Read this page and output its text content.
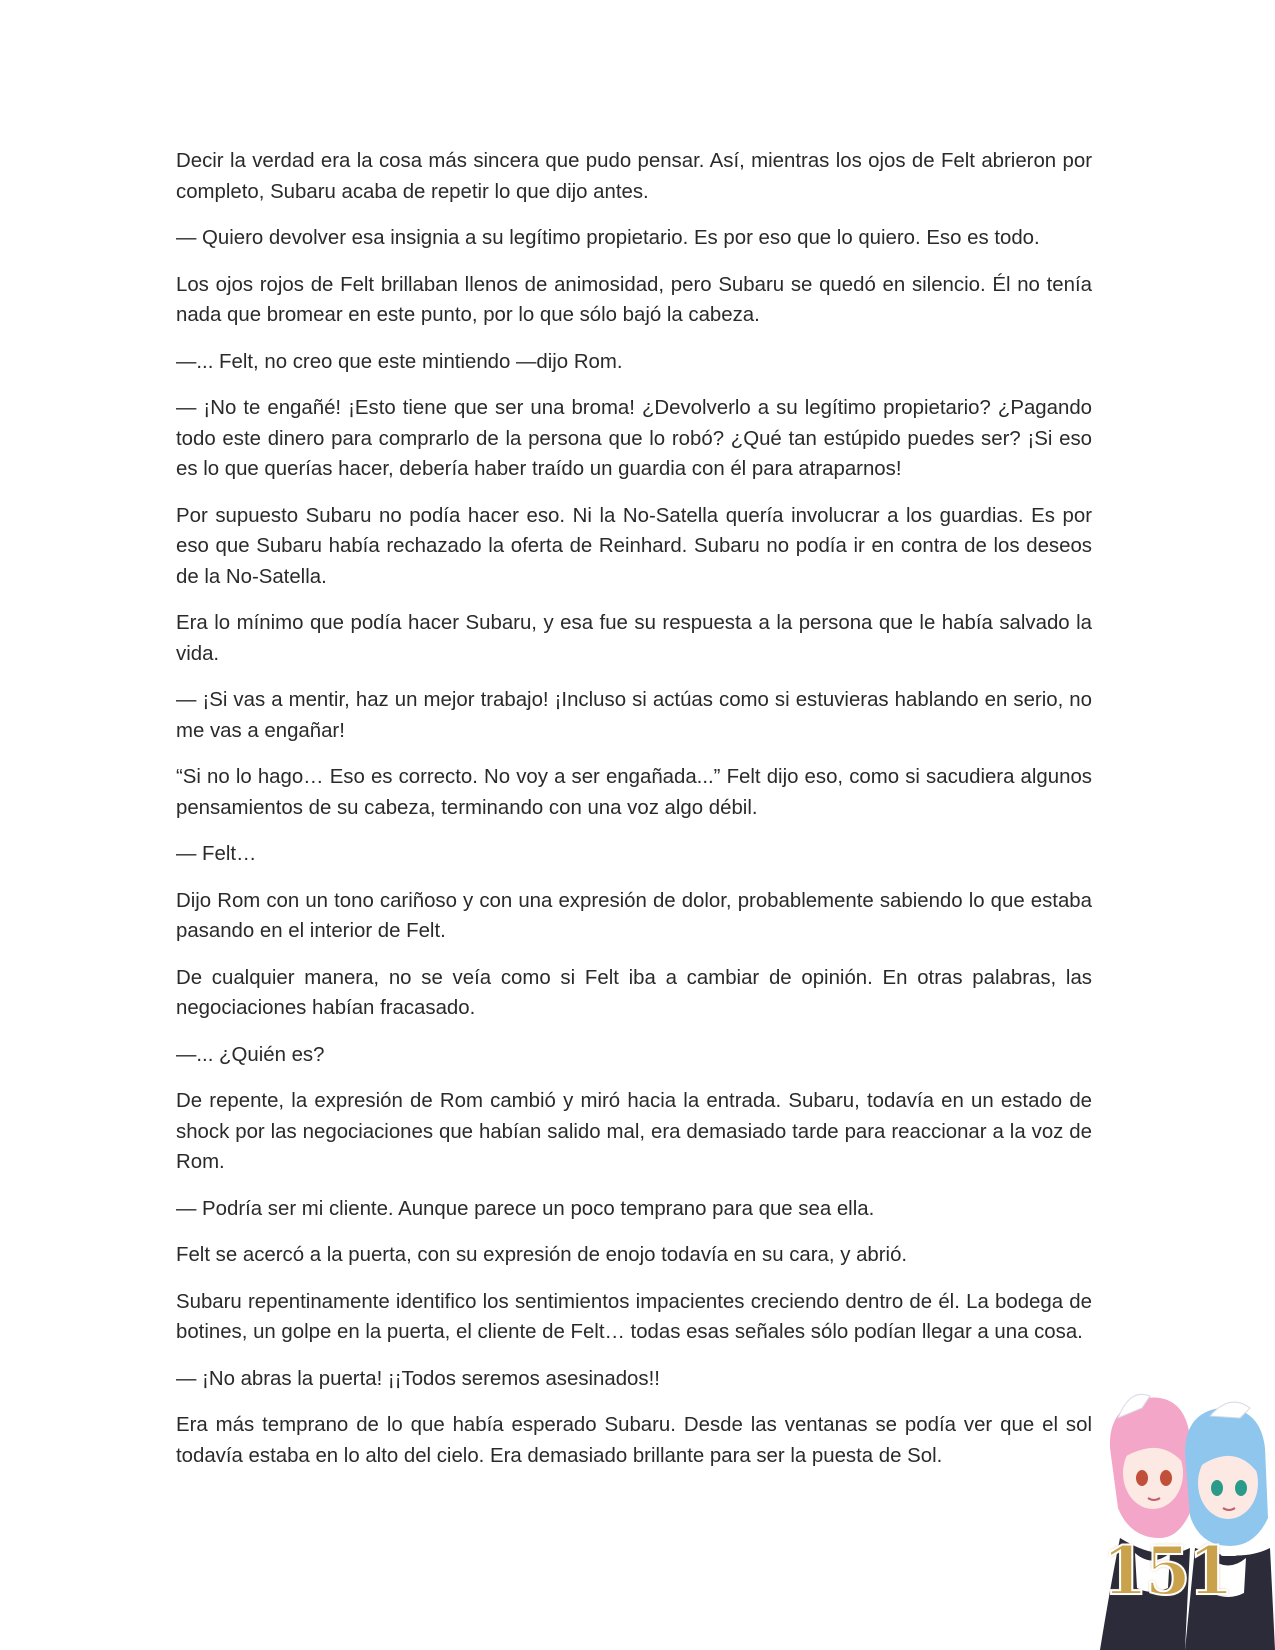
Decir la verdad era la cosa más sincera que pudo pensar. Así, mientras los ojos de Felt abrieron por completo, Subaru acaba de repetir lo que dijo antes.

— Quiero devolver esa insignia a su legítimo propietario. Es por eso que lo quiero. Eso es todo.

Los ojos rojos de Felt brillaban llenos de animosidad, pero Subaru se quedó en silencio. Él no tenía nada que bromear en este punto, por lo que sólo bajó la cabeza.

—... Felt, no creo que este mintiendo —dijo Rom.

— ¡No te engañé! ¡Esto tiene que ser una broma! ¿Devolverlo a su legítimo propietario? ¿Pagando todo este dinero para comprarlo de la persona que lo robó? ¿Qué tan estúpido puedes ser? ¡Si eso es lo que querías hacer, debería haber traído un guardia con él para atraparnos!

Por supuesto Subaru no podía hacer eso. Ni la No-Satella quería involucrar a los guardias. Es por eso que Subaru había rechazado la oferta de Reinhard. Subaru no podía ir en contra de los deseos de la No-Satella.

Era lo mínimo que podía hacer Subaru, y esa fue su respuesta a la persona que le había salvado la vida.

— ¡Si vas a mentir, haz un mejor trabajo! ¡Incluso si actúas como si estuvieras hablando en serio, no me vas a engañar!

“Si no lo hago… Eso es correcto. No voy a ser engañada...” Felt dijo eso, como si sacudiera algunos pensamientos de su cabeza, terminando con una voz algo débil.

— Felt…

Dijo Rom con un tono cariñoso y con una expresión de dolor, probablemente sabiendo lo que estaba pasando en el interior de Felt.

De cualquier manera, no se veía como si Felt iba a cambiar de opinión. En otras palabras, las negociaciones habían fracasado.

—... ¿Quién es?

De repente, la expresión de Rom cambió y miró hacia la entrada. Subaru, todavía en un estado de shock por las negociaciones que habían salido mal, era demasiado tarde para reaccionar a la voz de Rom.

— Podría ser mi cliente. Aunque parece un poco temprano para que sea ella.

Felt se acercó a la puerta, con su expresión de enojo todavía en su cara, y abrió.

Subaru repentinamente identifico los sentimientos impacientes creciendo dentro de él. La bodega de botines, un golpe en la puerta, el cliente de Felt… todas esas señales sólo podían llegar a una cosa.

— ¡No abras la puerta! ¡¡Todos seremos asesinados!!

Era más temprano de lo que había esperado Subaru. Desde las ventanas se podía ver que el sol todavía estaba en lo alto del cielo. Era demasiado brillante para ser la puesta de Sol.

151
